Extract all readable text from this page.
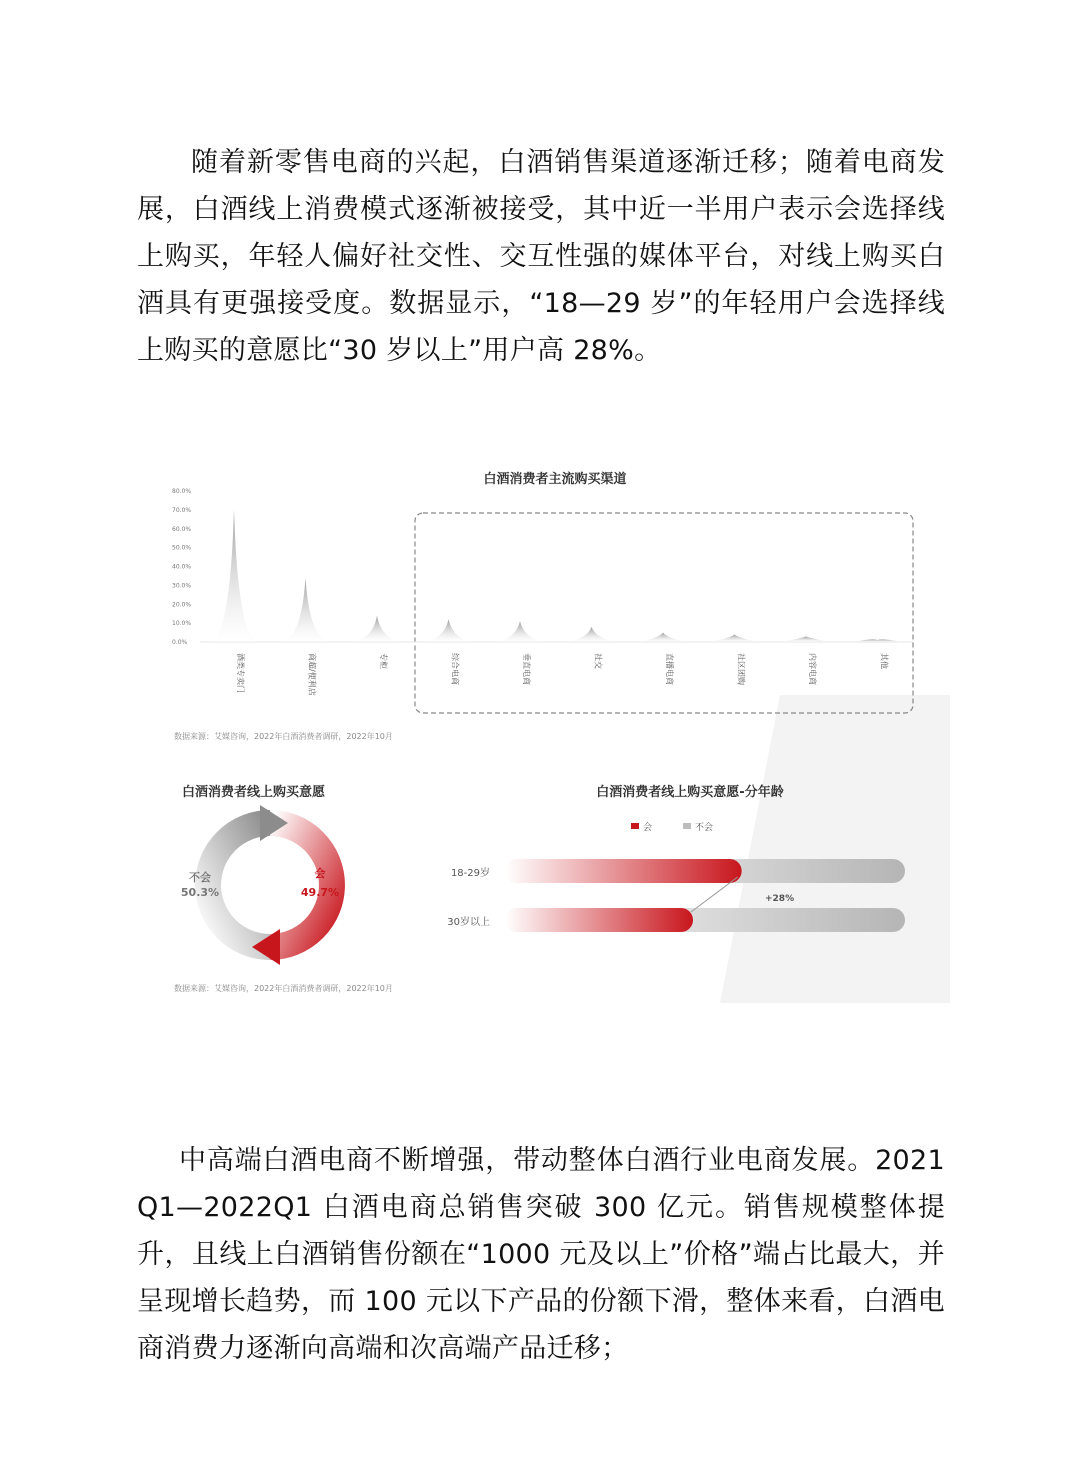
随着新零售电商的兴起，白酒销售渠道逐渐迁移；随着电商发展，白酒线上消费模式逐渐被接受，其中近一半用户表示会选择线上购买，年轻人偏好社交性、交互性强的媒体平台，对线上购买白酒具有更强接受度。数据显示，“18—29 岁”的年轻用户会选择线上购买的意愿比“30 岁以上”用户高 28%。

白酒消费者主流购买渠道
80.0%
70.0%
60.0%
50.0%
40.0%
30.0%
20.0%
10.0%
0.0%
酒类专卖门	商超/便利店	专柜	综合电商	垂直电商	社交	直播电商	社区团购	内容电商	其他
数据来源：艾媒咨询，2022年白酒消费者调研，2022年10月
白酒消费者线上购买意愿
不会
50.3%
会
49.7%
白酒消费者线上购买意愿-分年龄
会	不会
18-29岁
30岁以上
+28%
数据来源：艾媒咨询，2022年白酒消费者调研，2022年10月

中高端白酒电商不断增强，带动整体白酒行业电商发展。2021 Q1—2022Q1 白酒电商总销售突破 300 亿元。销售规模整体提升，且线上白酒销售份额在“1000 元及以上”价格”端占比最大，并呈现增长趋势，而 100 元以下产品的份额下滑，整体来看，白酒电商消费力逐渐向高端和次高端产品迁移；
